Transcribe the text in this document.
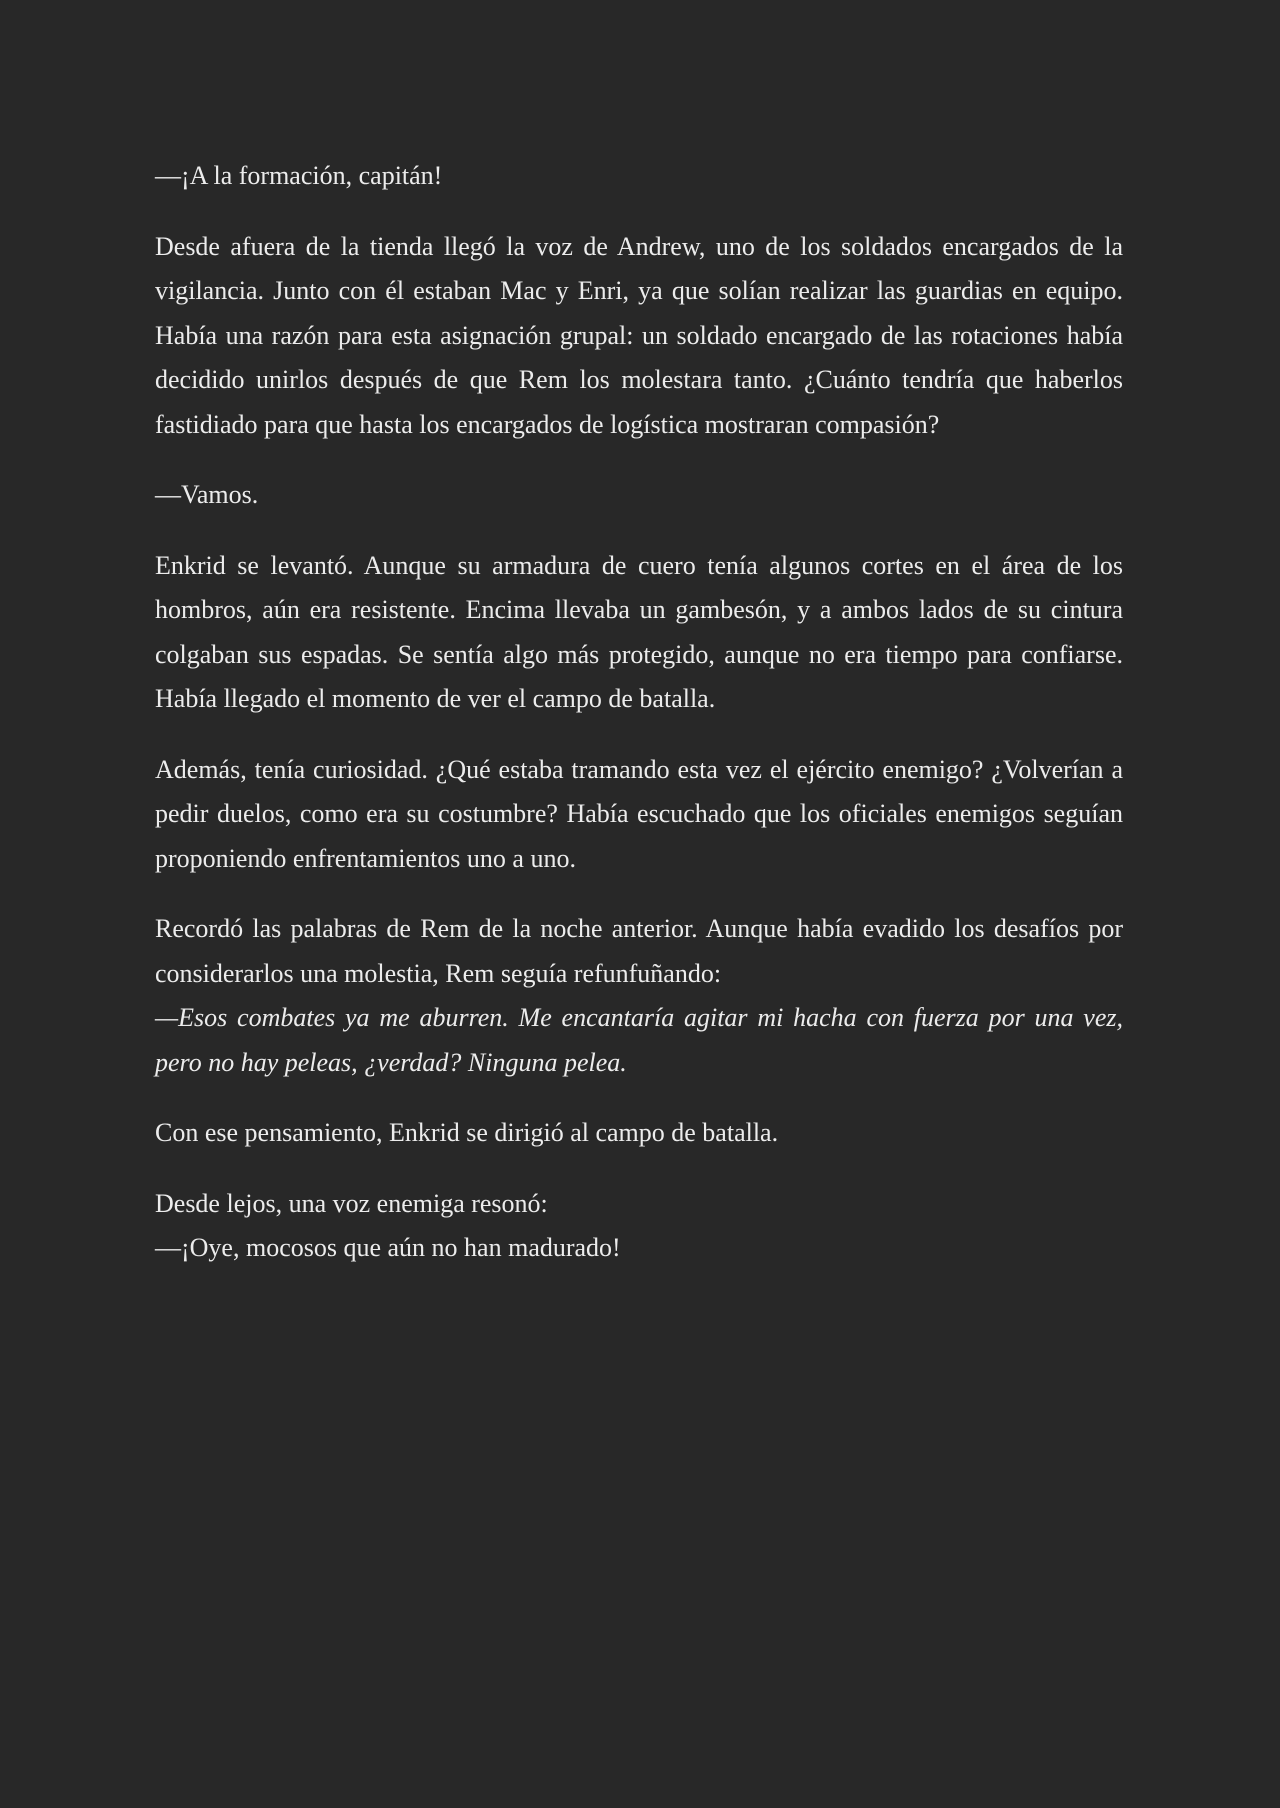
—¡A la formación, capitán!

Desde afuera de la tienda llegó la voz de Andrew, uno de los soldados encargados de la vigilancia. Junto con él estaban Mac y Enri, ya que solían realizar las guardias en equipo. Había una razón para esta asignación grupal: un soldado encargado de las rotaciones había decidido unirlos después de que Rem los molestara tanto. ¿Cuánto tendría que haberlos fastidiado para que hasta los encargados de logística mostraran compasión?

—Vamos.

Enkrid se levantó. Aunque su armadura de cuero tenía algunos cortes en el área de los hombros, aún era resistente. Encima llevaba un gambesón, y a ambos lados de su cintura colgaban sus espadas. Se sentía algo más protegido, aunque no era tiempo para confiarse. Había llegado el momento de ver el campo de batalla.

Además, tenía curiosidad. ¿Qué estaba tramando esta vez el ejército enemigo? ¿Volverían a pedir duelos, como era su costumbre? Había escuchado que los oficiales enemigos seguían proponiendo enfrentamientos uno a uno.

Recordó las palabras de Rem de la noche anterior. Aunque había evadido los desafíos por considerarlos una molestia, Rem seguía refunfuñando:

—Esos combates ya me aburren. Me encantaría agitar mi hacha con fuerza por una vez, pero no hay peleas, ¿verdad? Ninguna pelea.

Con ese pensamiento, Enkrid se dirigió al campo de batalla.

Desde lejos, una voz enemiga resonó:

—¡Oye, mocosos que aún no han madurado!
